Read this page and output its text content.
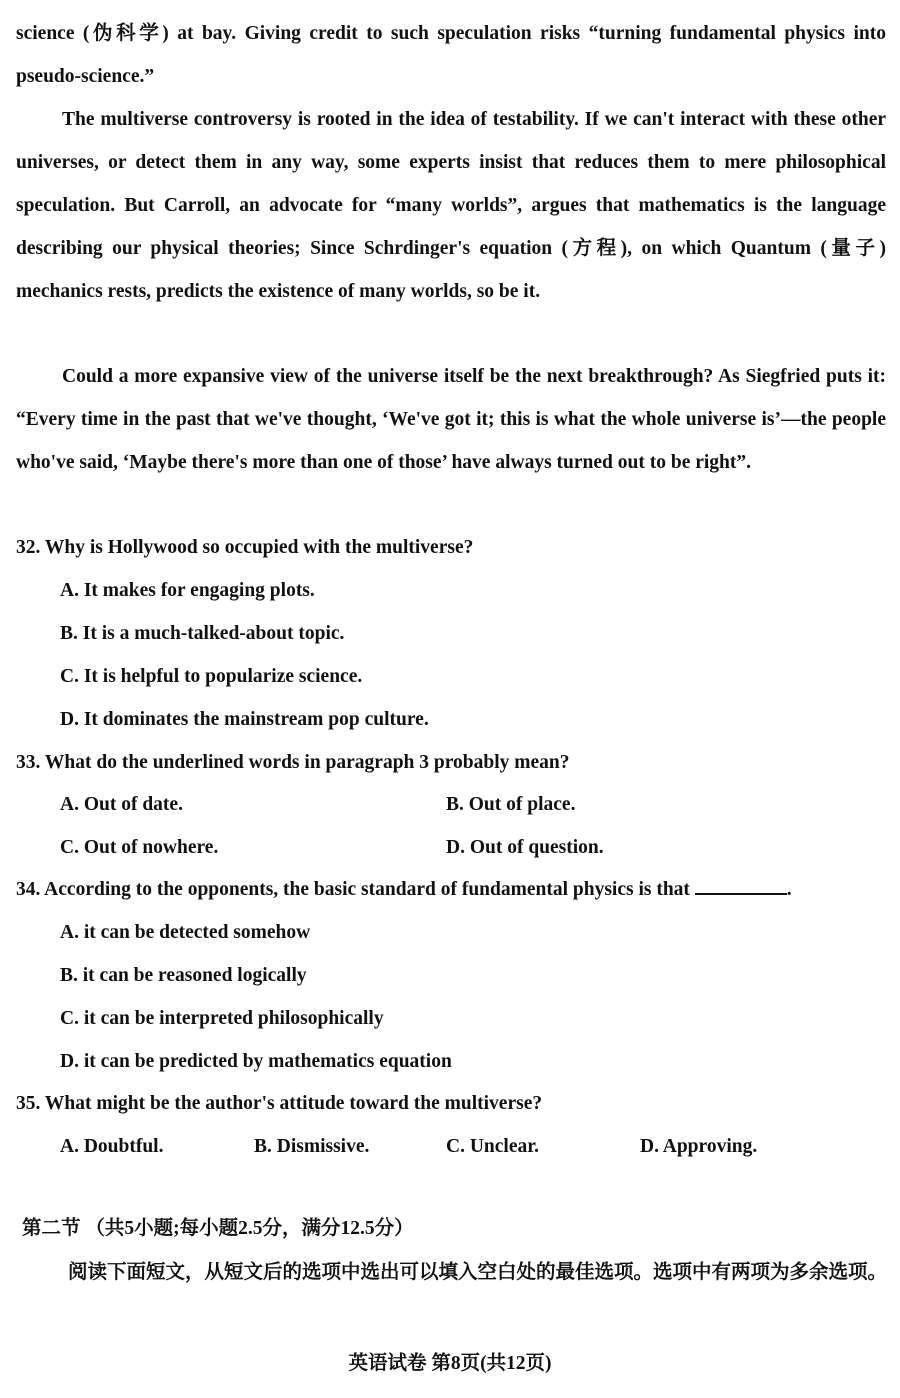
science (伪科学) at bay. Giving credit to such speculation risks “turning fundamental physics into pseudo-science.”

The multiverse controversy is rooted in the idea of testability. If we can't interact with these other universes, or detect them in any way, some experts insist that reduces them to mere philosophical speculation. But Carroll, an advocate for “many worlds”, argues that mathematics is the language describing our physical theories; Since Schrdinger's equation (方程), on which Quantum (量子) mechanics rests, predicts the existence of many worlds, so be it.

Could a more expansive view of the universe itself be the next breakthrough? As Siegfried puts it: “Every time in the past that we've thought, ‘We've got it; this is what the whole universe is’—the people who've said, ‘Maybe there's more than one of those’ have always turned out to be right”.

32. Why is Hollywood so occupied with the multiverse?

A. It makes for engaging plots.

B. It is a much-talked-about topic.

C. It is helpful to popularize science.

D. It dominates the mainstream pop culture.

33. What do the underlined words in paragraph 3 probably mean?

A. Out of date.	B. Out of place.

C. Out of nowhere.	D. Out of question.

34. According to the opponents, the basic standard of fundamental physics is that	.

A. it can be detected somehow

B. it can be reasoned logically

C. it can be interpreted philosophically

D. it can be predicted by mathematics equation

35. What might be the author's attitude toward the multiverse?

A. Doubtful.	B. Dismissive.	C. Unclear.	D. Approving.

第二节 （共5小题;每小题2.5分，满分12.5分）

阅读下面短文，从短文后的选项中选出可以填入空白处的最佳选项。选项中有两项为多余选项。

英语试卷 第8页(共12页)
